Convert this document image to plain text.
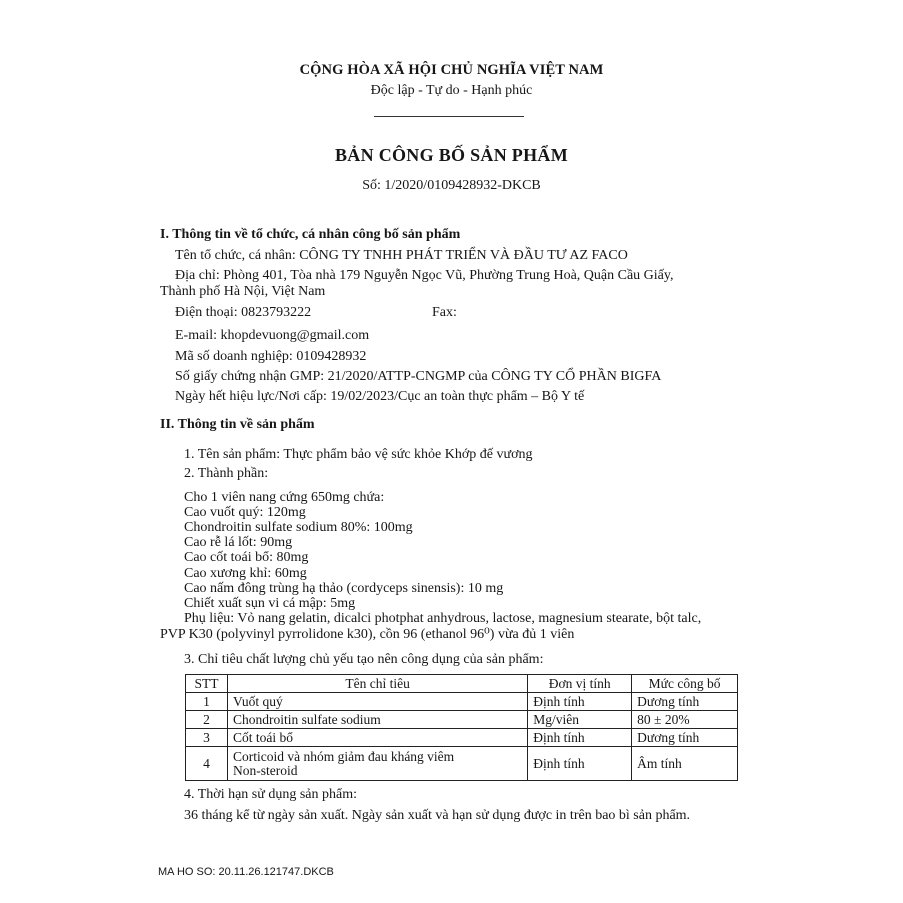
CỘNG HÒA XÃ HỘI CHỦ NGHĨA VIỆT NAM
Độc lập - Tự do - Hạnh phúc
BẢN CÔNG BỐ SẢN PHẨM
Số: 1/2020/0109428932-DKCB
I. Thông tin về tổ chức, cá nhân công bố sản phẩm
Tên tổ chức, cá nhân: CÔNG TY TNHH PHÁT TRIỂN VÀ ĐẦU TƯ AZ FACO
Địa chỉ: Phòng 401, Tòa nhà 179 Nguyễn Ngọc Vũ, Phường Trung Hoà, Quận Cầu Giấy,
Thành phố Hà Nội, Việt Nam
Điện thoại: 0823793222	Fax:
E-mail: khopdevuong@gmail.com
Mã số doanh nghiệp: 0109428932
Số giấy chứng nhận GMP: 21/2020/ATTP-CNGMP của CÔNG TY CỔ PHẦN BIGFA
Ngày hết hiệu lực/Nơi cấp: 19/02/2023/Cục an toàn thực phẩm – Bộ Y tế
II. Thông tin về sản phẩm
1. Tên sản phẩm: Thực phẩm bảo vệ sức khỏe Khớp đế vương
2. Thành phần:
Cho 1 viên nang cứng 650mg chứa:
Cao vuốt quý: 120mg
Chondroitin sulfate sodium 80%: 100mg
Cao rễ lá lốt: 90mg
Cao cốt toái bổ: 80mg
Cao xương khỉ: 60mg
Cao nấm đông trùng hạ thảo (cordyceps sinensis): 10 mg
Chiết xuất sụn vi cá mập: 5mg
Phụ liệu: Vỏ nang gelatin, dicalci photphat anhydrous, lactose, magnesium stearate, bột talc,
PVP K30 (polyvinyl pyrrolidone k30), cồn 96 (ethanol 96⁰) vừa đủ 1 viên
3. Chỉ tiêu chất lượng chủ yếu tạo nên công dụng của sản phẩm:
STT	Tên chỉ tiêu	Đơn vị tính	Mức công bố
1	Vuốt quý	Định tính	Dương tính
2	Chondroitin sulfate sodium	Mg/viên	80 ± 20%
3	Cốt toái bổ	Định tính	Dương tính
4	Corticoid và nhóm giảm đau kháng viêm
Non-steroid	Định tính	Âm tính
4. Thời hạn sử dụng sản phẩm:
36 tháng kể từ ngày sản xuất. Ngày sản xuất và hạn sử dụng được in trên bao bì sản phẩm.
MA HO SO: 20.11.26.121747.DKCB
